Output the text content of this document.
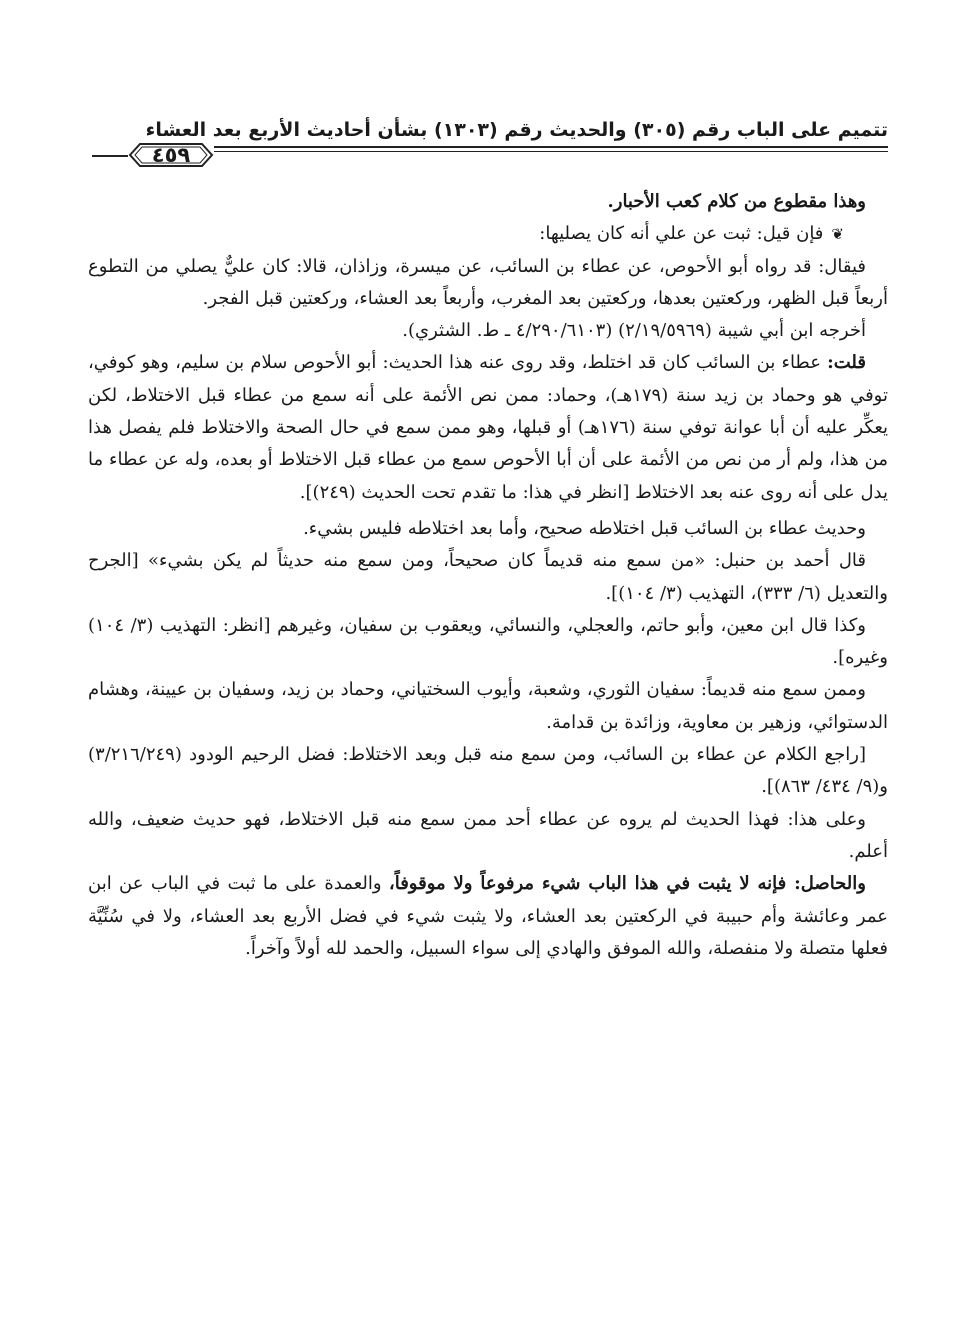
تتميم على الباب رقم (٣٠٥) والحديث رقم (١٣٠٣) بشأن أحاديث الأربع بعد العشاء
٤٥٩

وهذا مقطوع من كلام كعب الأحبار.

❦فإن قيل: ثبت عن علي أنه كان يصليها:

فيقال: قد رواه أبو الأحوص، عن عطاء بن السائب، عن ميسرة، وزاذان، قالا: كان عليٌّ يصلي من التطوع أربعاً قبل الظهر، وركعتين بعدها، وركعتين بعد المغرب، وأربعاً بعد العشاء، وركعتين قبل الفجر.

أخرجه ابن أبي شيبة (٢/١٩/٥٩٦٩) (٤/٢٩٠/٦١٠٣ ـ ط. الشثري).

قلت: عطاء بن السائب كان قد اختلط، وقد روى عنه هذا الحديث: أبو الأحوص سلام بن سليم، وهو كوفي، توفي هو وحماد بن زيد سنة (١٧٩هـ)، وحماد: ممن نص الأئمة على أنه سمع من عطاء قبل الاختلاط، لكن يعكِّر عليه أن أبا عوانة توفي سنة (١٧٦هـ) أو قبلها، وهو ممن سمع في حال الصحة والاختلاط فلم يفصل هذا من هذا، ولم أر من نص من الأئمة على أن أبا الأحوص سمع من عطاء قبل الاختلاط أو بعده، وله عن عطاء ما يدل على أنه روى عنه بعد الاختلاط [انظر في هذا: ما تقدم تحت الحديث (٢٤٩)].

وحديث عطاء بن السائب قبل اختلاطه صحيح، وأما بعد اختلاطه فليس بشيء.

قال أحمد بن حنبل: «من سمع منه قديماً كان صحيحاً، ومن سمع منه حديثاً لم يكن بشيء» [الجرح والتعديل (٦/ ٣٣٣)، التهذيب (٣/ ١٠٤)].

وكذا قال ابن معين، وأبو حاتم، والعجلي، والنسائي، ويعقوب بن سفيان، وغيرهم [انظر: التهذيب (٣/ ١٠٤) وغيره].

وممن سمع منه قديماً: سفيان الثوري، وشعبة، وأيوب السختياني، وحماد بن زيد، وسفيان بن عيينة، وهشام الدستوائي، وزهير بن معاوية، وزائدة بن قدامة.

[راجع الكلام عن عطاء بن السائب، ومن سمع منه قبل وبعد الاختلاط: فضل الرحيم الودود (٣/٢١٦/٢٤٩) و(٩/ ٤٣٤/ ٨٦٣)].

وعلى هذا: فهذا الحديث لم يروه عن عطاء أحد ممن سمع منه قبل الاختلاط، فهو حديث ضعيف، والله أعلم.

والحاصل: فإنه لا يثبت في هذا الباب شيء مرفوعاً ولا موقوفاً، والعمدة على ما ثبت في الباب عن ابن عمر وعائشة وأم حبيبة في الركعتين بعد العشاء، ولا يثبت شيء في فضل الأربع بعد العشاء، ولا في سُنِّيَّة فعلها متصلة ولا منفصلة، والله الموفق والهادي إلى سواء السبيل، والحمد لله أولاً وآخراً.
